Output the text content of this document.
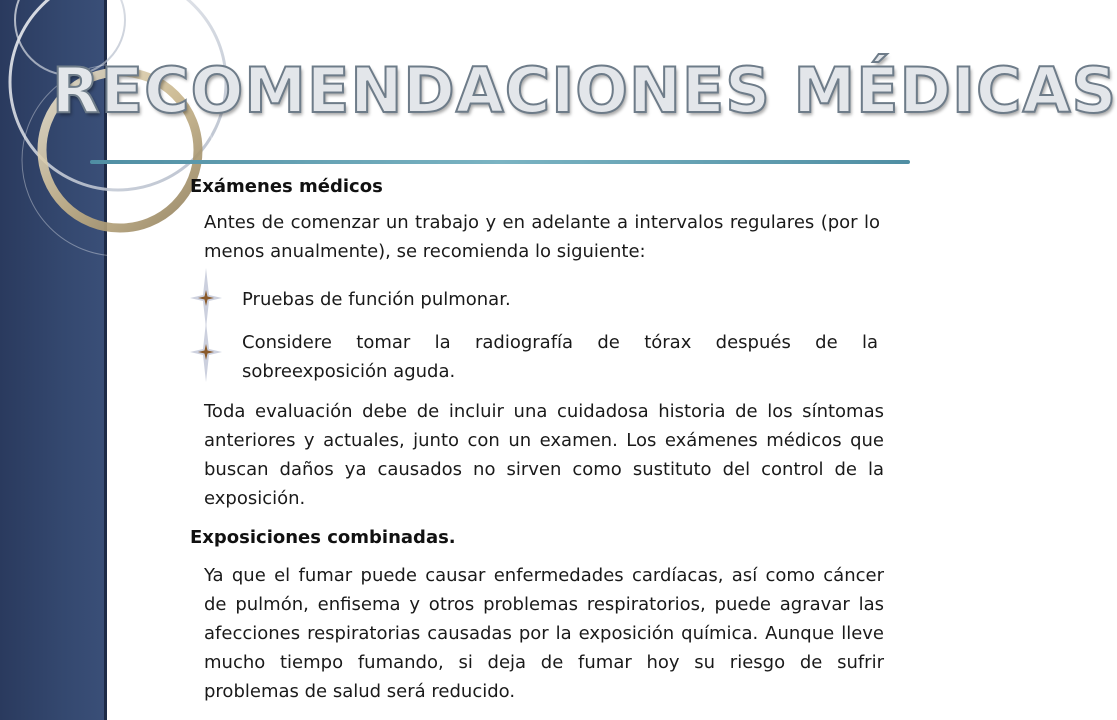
RECOMENDACIONES MÉDICAS
Exámenes médicos
Antes de comenzar un trabajo y en adelante a intervalos regulares (por lo menos anualmente), se recomienda lo siguiente:
Pruebas de función pulmonar.
Considere tomar la radiografía de tórax después de la sobreexposición aguda.
Toda evaluación debe de incluir una cuidadosa historia de los síntomas anteriores y actuales, junto con un examen. Los exámenes médicos que buscan daños ya causados no sirven como sustituto del control de la exposición.
Exposiciones combinadas.
Ya que el fumar puede causar enfermedades cardíacas, así como cáncer de pulmón, enfisema y otros problemas respiratorios, puede agravar las afecciones respiratorias causadas por la exposición química. Aunque lleve mucho tiempo fumando, si deja de fumar hoy su riesgo de sufrir problemas de salud será reducido.
